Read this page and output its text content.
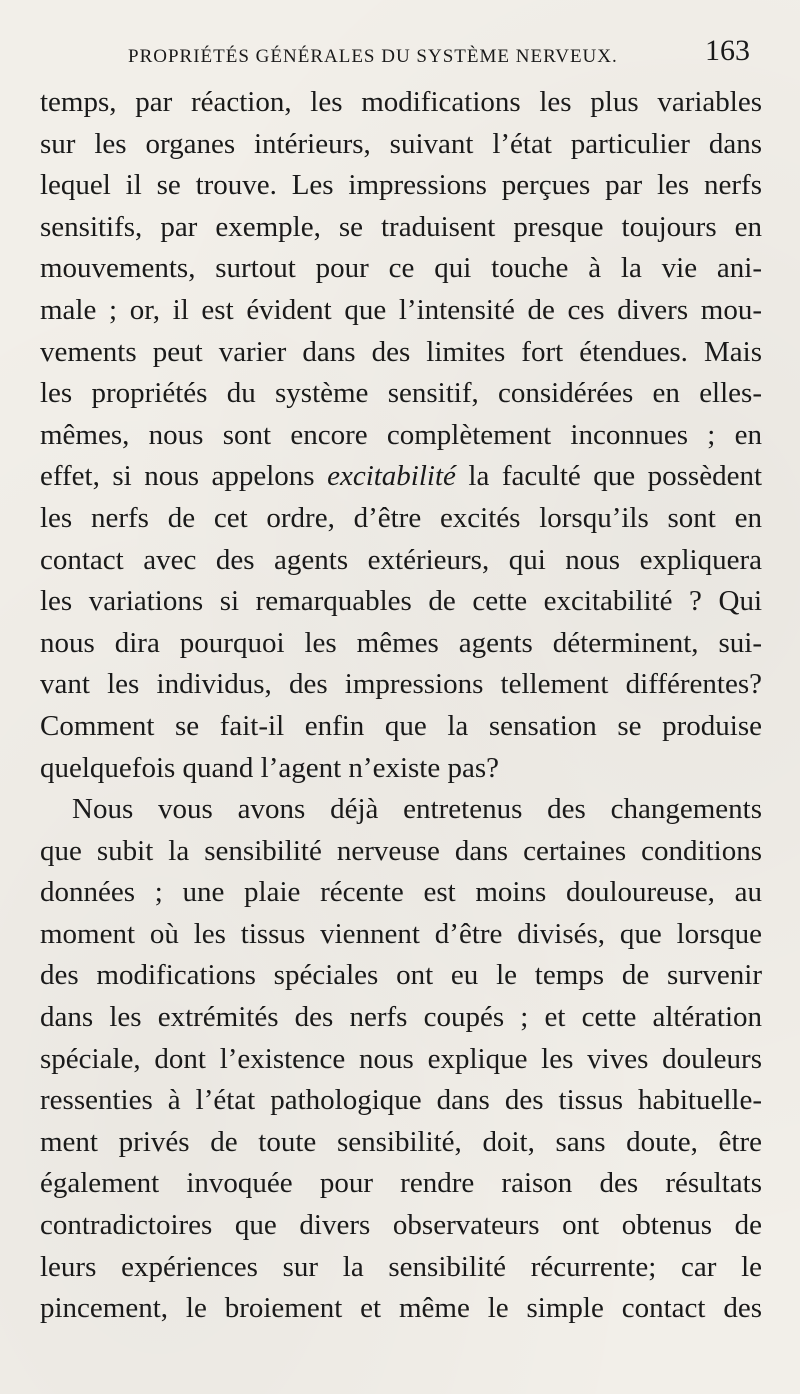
PROPRIÉTÉS GÉNÉRALES DU SYSTÈME NERVEUX.	163
temps, par réaction, les modifications les plus variables
sur les organes intérieurs, suivant l’état particulier dans
lequel il se trouve. Les impressions perçues par les nerfs
sensitifs, par exemple, se traduisent presque toujours en
mouvements, surtout pour ce qui touche à la vie ani-
male ; or, il est évident que l’intensité de ces divers mou-
vements peut varier dans des limites fort étendues. Mais
les propriétés du système sensitif, considérées en elles-
mêmes, nous sont encore complètement inconnues ; en
effet, si nous appelons excitabilité la faculté que possèdent
les nerfs de cet ordre, d’être excités lorsqu’ils sont en
contact avec des agents extérieurs, qui nous expliquera
les variations si remarquables de cette excitabilité ? Qui
nous dira pourquoi les mêmes agents déterminent, sui-
vant les individus, des impressions tellement différentes?
Comment se fait-il enfin que la sensation se produise
quelquefois quand l’agent n’existe pas?
Nous vous avons déjà entretenus des changements
que subit la sensibilité nerveuse dans certaines conditions
données ; une plaie récente est moins douloureuse, au
moment où les tissus viennent d’être divisés, que lorsque
des modifications spéciales ont eu le temps de survenir
dans les extrémités des nerfs coupés ; et cette altération
spéciale, dont l’existence nous explique les vives douleurs
ressenties à l’état pathologique dans des tissus habituelle-
ment privés de toute sensibilité, doit, sans doute, être
également invoquée pour rendre raison des résultats
contradictoires que divers observateurs ont obtenus de
leurs expériences sur la sensibilité récurrente; car le
pincement, le broiement et même le simple contact des
